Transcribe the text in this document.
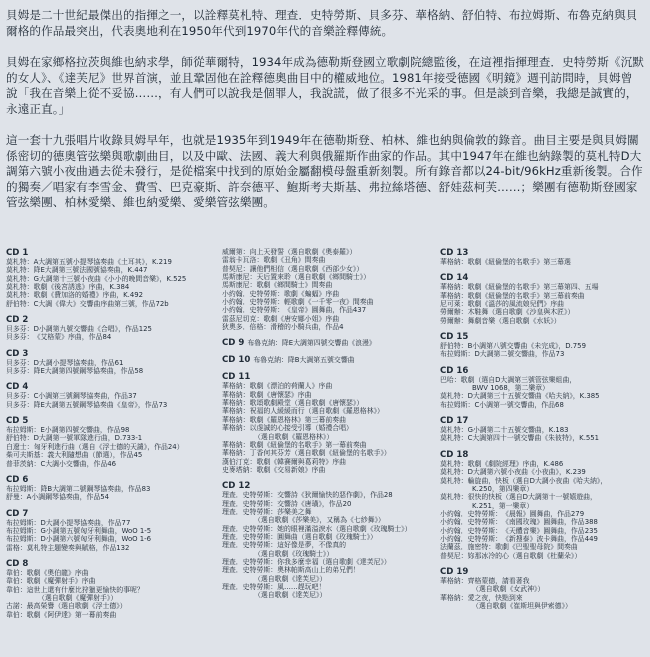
貝姆是二十世紀最傑出的指揮之一，以詮釋莫札特、理查．史特勞斯、貝多芬、華格納、舒伯特、布拉姆斯、布魯克納與貝爾格的作品最突出，代表奧地利在1950年代到1970年代的音樂詮釋傳統。

貝姆在家鄉格拉茨與維也納求學，師從華爾特，1934年成為德勒斯登國立歌劇院總監後，在這裡指揮理查．史特勞斯《沉默的女人》、《達芙尼》世界首演，並且鞏固他在詮釋德奧曲目中的權威地位。1981年接受德國《明鏡》週刊訪問時，貝姆曾說「我在音樂上從不妥協……，有人們可以說我是個罪人，我說謊，做了很多不光采的事。但是談到音樂，我總是誠實的，永遠正直。」

這一套十九張唱片收錄貝姆早年，也就是1935年到1949年在德勒斯登、柏林、維也納與倫敦的錄音。曲目主要是與貝姆關係密切的德奧管弦樂與歌劇曲目，以及中歐、法國、義大利與俄羅斯作曲家的作品。其中1947年在維也納錄製的莫札特D大調第六號小夜曲過去從未發行，是從檔案中找到的原始金屬翻模母盤重新刻製。所有錄音都以24-bit/96kHz重新後製。合作的獨奏／唱家有李雪金、費雪、巴克豪斯、許奈德平、鮑斯考夫斯基、弗拉絲塔德、舒娃茲柯芙……；樂團有德勒斯登國家管弦樂團、柏林愛樂、維也納愛樂、愛樂管弦樂團。

CD 1
莫札特： A大調第五號小提琴協奏曲《土耳其》，K.219
莫札特： 降E大調第三號法國號協奏曲，K.447
莫札特： G大調第十三號小夜曲《小小的晚間音樂》，K.525
莫札特： 歌劇《後宮誘逃》序曲，K.384
莫札特： 歌劇《費加洛的婚禮》序曲，K.492
舒伯特： C大調《偉大》交響曲序曲第三號，作品72b
CD 2
貝多芬： D小調第九號交響曲《合唱》，作品125
貝多芬： 《艾格蒙》序曲，作品84
CD 3
貝多芬： D大調小提琴協奏曲，作品61
貝多芬： 降E大調第四號鋼琴協奏曲，作品58
CD 4
貝多芬： C小調第三號鋼琴協奏曲，作品37
貝多芬： 降E大調第五號鋼琴協奏曲《皇帝》，作品73
CD 5
布拉姆斯： E小調第四號交響曲，作品98
舒伯特： D大調第一號軍隊進行曲，D.733-1
白遼士： 匈牙利進行曲（選自《浮士德的天譴》，作品24）
柴可夫斯基： 義大利隨想曲（節選），作品45
普菲茨納： C大調小交響曲，作品46
CD 6
布拉姆斯： 降B大調第二號鋼琴協奏曲，作品83
舒曼： A小調鋼琴協奏曲，作品54
CD 7
布拉姆斯： D大調小提琴協奏曲，作品77
布拉姆斯： G小調第五號匈牙利舞曲，WoO 1-5
布拉姆斯： D小調第六號匈牙利舞曲，WoO 1-6
雷格： 莫札特主題變奏與賦格，作品132
CD 8
韋伯： 歌劇《奧伯龍》序曲
韋伯： 歌劇《魔彈射手》序曲
韋伯： 這世上還有什麼比狩獵更愉快的事呢？
（選自歌劇《魔彈射手》）
古諾： 最高榮譽（選自歌劇《浮士德》）
韋伯： 歌劇《阿伊達》第一幕前奏曲
威爾第： 向上天發誓（選自歌劇《奧泰羅》）
雷翁卡瓦洛： 歌劇《丑角》間奏曲
普契尼： 讓他們相信（選自歌劇《西部少女》）
馬斯康尼： 天后置來聆（選自歌劇《鄉間騎士》）
馬斯康尼： 歌劇《鄉間騎士》間奏曲
小約翰．史特勞斯： 歌劇《蝙蝠》序曲
小約翰．史特勞斯： 輕歌劇《一千零一夜》間奏曲
小約翰．史特勞斯： 《皇帝》圓舞曲，作品437
雷茲尼切克： 歌劇《唐安娜小姐》序曲
狄奧多．倍格： 滑稽的小騎兵曲，作品4
CD 9 布魯克納：降E大調第四號交響曲《浪漫》
CD 10 布魯克納：降B大調第五號交響曲
CD 11
華格納： 歌劇《漂泊的荷蘭人》序曲
華格納： 歌劇《唐懷瑟》序曲
華格納： 歌頌歌劇殿堂（選自歌劇《唐懷瑟》）
華格納： 祝福的人緩緩而行（選自歌劇《羅恩格林》）
華格納： 歌劇《羅恩格林》第三幕前奏曲
華格納： 以虔誠的心接受引導（婚禮合唱）
（選自歌劇《羅恩格林》）
華格納： 歌劇《紐倫堡的名歌手》第一幕前奏曲
華格納： 丁香何其芬芳（選自歌劇《紐倫堡的名歌手》）
漢伯汀克： 歌劇《韓賽爾與葛莉特》序曲
史麥塔納： 歌劇《交易新娘》序曲
CD 12
理查．史特勞斯： 交響詩《狄爾愉快的惡作劇》，作品28
理查．史特勞斯： 交響詩《唐璜》，作品20
理查．史特勞斯： 莎樂美之舞
（選自歌劇《莎樂美》，又稱為《七紗舞》）
理查．史特勞斯： 她的眼裡滿溢淚水（選自歌劇《玫瑰騎士》）
理查．史特勞斯： 圓舞曲（選自歌劇《玫瑰騎士》）
理查．史特勞斯： 這好像是夢，不像真的
（選自歌劇《玫瑰騎士》）
理查．史特勞斯： 你我多麼幸福（選自歌劇《達芙尼》）
理查．史特勞斯： 奧林帕斯高山上的弟兄們！
（選自歌劇《達芙尼》）
理查．史特勞斯： 風……趕玩吧！
（選自歌劇《達芙尼》）
CD 13
華格納： 歌劇《紐倫堡的名歌手》第三幕選
CD 14
華格納： 歌劇《紐倫堡的名歌手》第三幕第四、五場
華格納： 歌劇《紐倫堡的名歌手》第三幕前奏曲
尼可萊： 歌劇《溫莎的風流娘兒們》序曲
勞爾辦： 木鞋舞（選自歌劇《沙皇與木匠》）
勞爾辦： 舞劇音樂（選自歌劇《水妖》）
CD 15
舒伯特： B小調第八號交響曲《未完成》，D.759
布拉姆斯： D大調第二號交響曲，作品73
CD 16
巴哈： 歌劇（選自D大調第三號管弦樂組曲，
BWV 1068，第二樂章）
莫札特： D大調第三十五號交響曲《哈夫納》，K.385
布拉姆斯： C小調第一號交響曲，作品68
CD 17
莫札特： G小調第二十五號交響曲，K.183
莫札特： C大調第四十一號交響曲《朱彼特》，K.551
CD 18
莫札特： 歌劇《劇院經理》序曲，K.486
莫札特： D大調第六號小夜曲《小夜曲》，K.239
莫札特： 輪旋曲，快板（選自D大調小夜曲《哈夫納》，
K.250，第四樂章）
莫札特： 很快的快板（選自D大調第十一號嬉遊曲，
K.251，第一樂章）
小約翰．史特勞斯： 《晨報》圓舞曲，作品279
小約翰．史特勞斯： 《南國玫瑰》圓舞曲，作品388
小約翰．史特勞斯： 《天體音樂》圓舞曲，作品235
小約翰．史特勞斯： 《新搜泰》波卡舞曲，作品449
法蘭茲．施密特： 歌劇《巴聖聖母院》間奏曲
普契尼： 妳那冰冷的心（選自歌劇《杜蘭朵》）
CD 19
華格納： 齊格蒙德，請看著我
（選自歌劇《女武神》）
華格納： 愛之夜，快點到來
（選自歌劇《崔斯坦與伊索德》）
